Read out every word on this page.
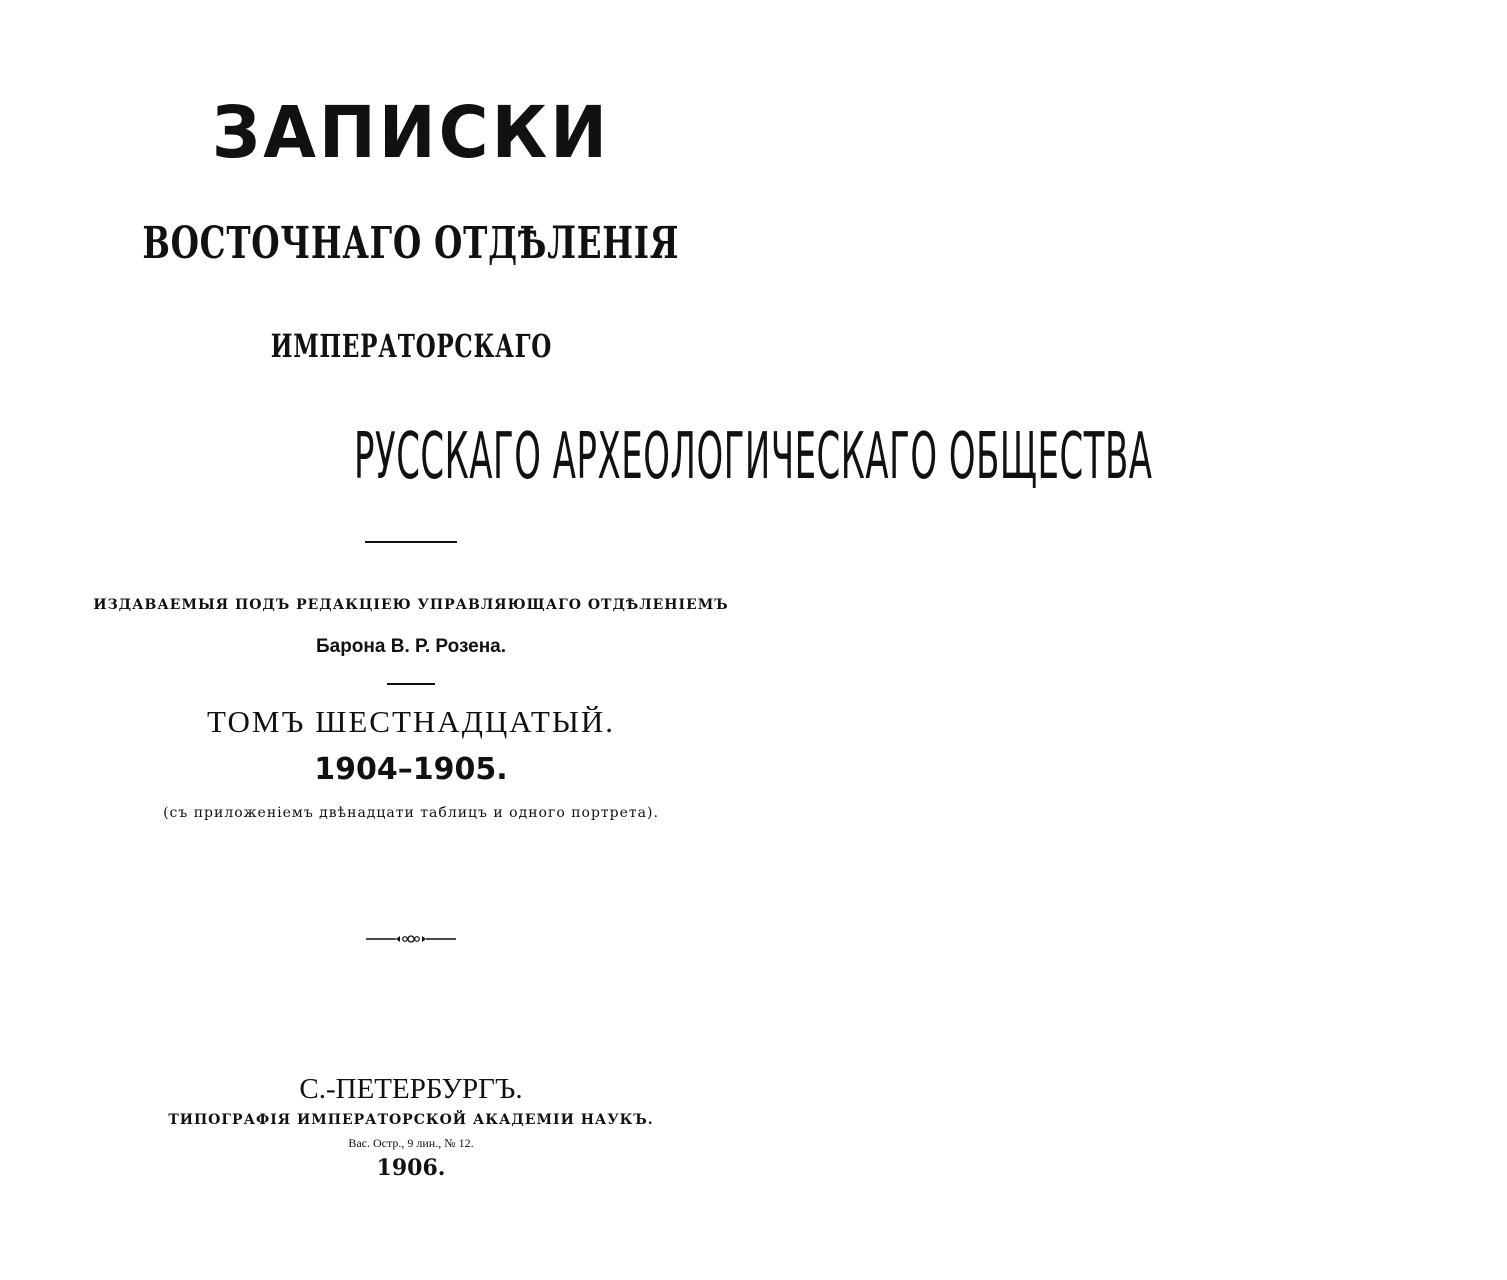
ЗАПИСКИ
ВОСТОЧНАГО ОТДѢЛЕНІЯ
ИМПЕРАТОРСКАГО
РУССКАГО АРХЕОЛОГИЧЕСКАГО ОБЩЕСТВА
ИЗДАВАЕМЫЯ ПОДЪ РЕДАКЦІЕЮ УПРАВЛЯЮЩАГО ОТДѢЛЕНІЕМЪ
Барона В. Р. Розена.
ТОМЪ ШЕСТНАДЦАТЫЙ.
1904–1905.
(съ приложеніемъ двѣнадцати таблицъ и одного портрета).
С.-ПЕТЕРБУРГЪ.
ТИПОГРАФІЯ ИМПЕРАТОРСКОЙ АКАДЕМІИ НАУКЪ.
Вас. Остр., 9 лин., № 12.
1906.
